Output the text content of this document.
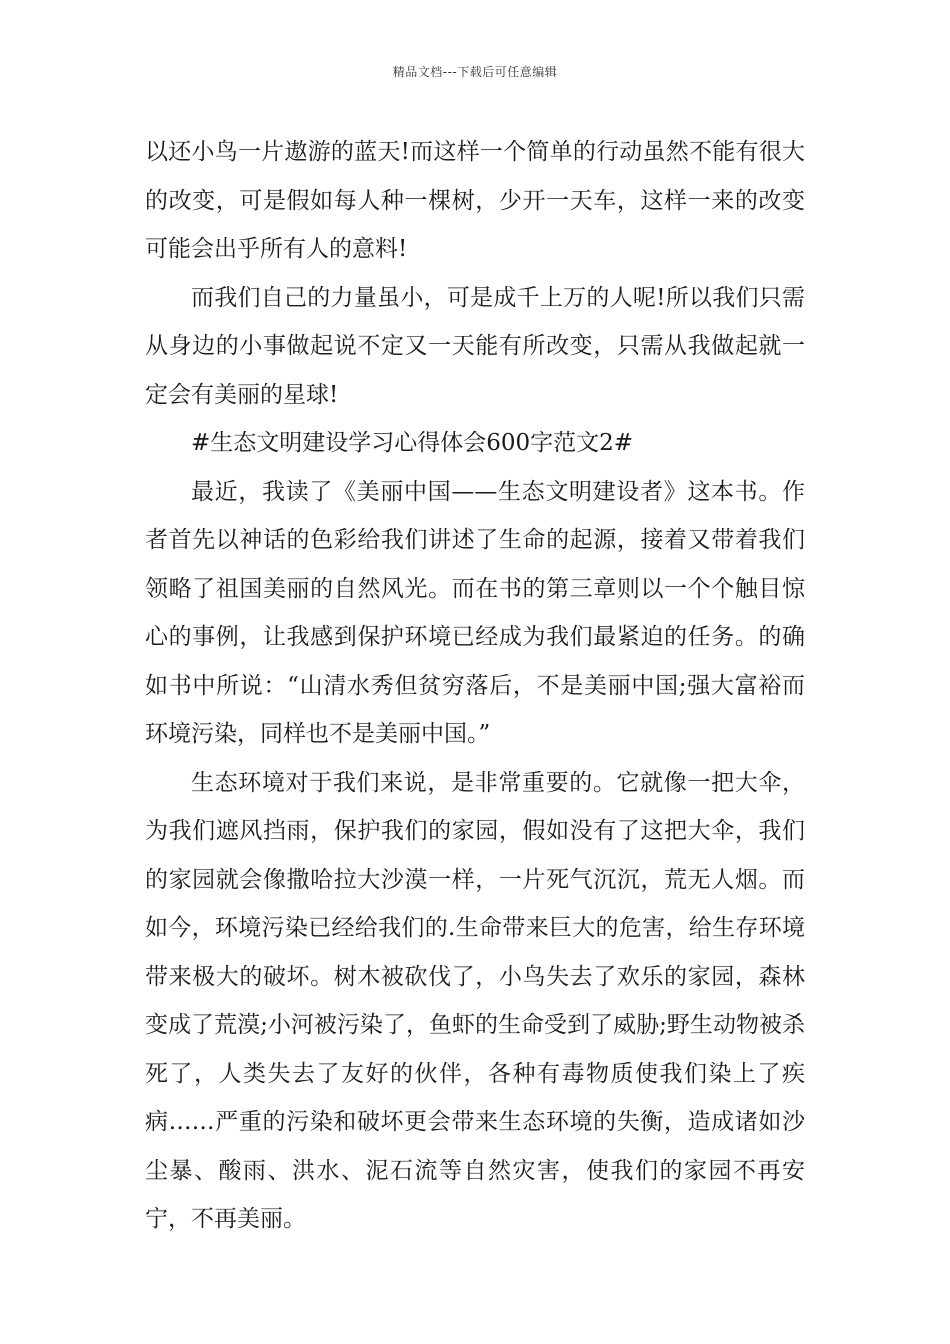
精品文档---下载后可任意编辑

以还小鸟一片遨游的蓝天!而这样一个简单的行动虽然不能有很大的改变，可是假如每人种一棵树，少开一天车，这样一来的改变可能会出乎所有人的意料!

而我们自己的力量虽小，可是成千上万的人呢!所以我们只需从身边的小事做起说不定又一天能有所改变，只需从我做起就一定会有美丽的星球!

#生态文明建设学习心得体会600字范文2#

最近，我读了《美丽中国——生态文明建设者》这本书。作者首先以神话的色彩给我们讲述了生命的起源，接着又带着我们领略了祖国美丽的自然风光。而在书的第三章则以一个个触目惊心的事例，让我感到保护环境已经成为我们最紧迫的任务。的确如书中所说：“山清水秀但贫穷落后，不是美丽中国;强大富裕而环境污染，同样也不是美丽中国。”

生态环境对于我们来说，是非常重要的。它就像一把大伞，为我们遮风挡雨，保护我们的家园，假如没有了这把大伞，我们的家园就会像撒哈拉大沙漠一样，一片死气沉沉，荒无人烟。而如今，环境污染已经给我们的.生命带来巨大的危害，给生存环境带来极大的破坏。树木被砍伐了，小鸟失去了欢乐的家园，森林变成了荒漠;小河被污染了，鱼虾的生命受到了威胁;野生动物被杀死了，人类失去了友好的伙伴，各种有毒物质使我们染上了疾病……严重的污染和破坏更会带来生态环境的失衡，造成诸如沙尘暴、酸雨、洪水、泥石流等自然灾害，使我们的家园不再安宁，不再美丽。
